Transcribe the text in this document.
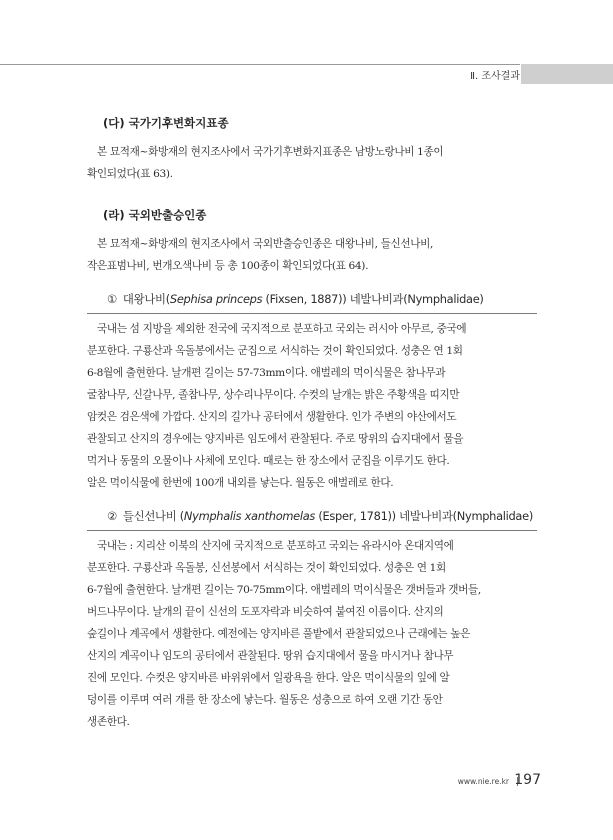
Ⅱ. 조사결과
(다) 국가기후변화지표종

본 묘적재~화방재의 현지조사에서 국가기후변화지표종은 남방노랑나비 1종이

확인되었다(표 63).

(라) 국외반출승인종

본 묘적재~화방재의 현지조사에서 국외반출승인종은 대왕나비, 들신선나비,

작은표범나비, 번개오색나비 등 총 100종이 확인되었다(표 64).

① 대왕나비(Sephisa princeps (Fixsen, 1887)) 네발나비과(Nymphalidae)

국내는 섬 지방을 제외한 전국에 국지적으로 분포하고 국외는 러시아 아무르, 중국에

분포한다. 구룡산과 옥돌봉에서는 군집으로 서식하는 것이 확인되었다. 성충은 연 1회

6-8월에 출현한다. 날개편 길이는 57-73mm이다. 애벌레의 먹이식물은 참나무과

굴참나무, 신갈나무, 졸참나무, 상수리나무이다. 수컷의 날개는 밝은 주황색을 띠지만

암컷은 검은색에 가깝다. 산지의 길가나 공터에서 생활한다. 인가 주변의 야산에서도

관찰되고 산지의 경우에는 양지바른 임도에서 관찰된다. 주로 땅위의 습지대에서 물을

먹거나 동물의 오물이나 사체에 모인다. 때로는 한 장소에서 군집을 이루기도 한다.

알은 먹이식물에 한번에 100개 내외를 낳는다. 월동은 애벌레로 한다.

② 들신선나비 (Nymphalis xanthomelas (Esper, 1781)) 네발나비과(Nymphalidae)

국내는 : 지리산 이북의 산지에 국지적으로 분포하고 국외는 유라시아 온대지역에

분포한다. 구룡산과 옥돌봉, 신선봉에서 서식하는 것이 확인되었다. 성충은 연 1회

6-7월에 출현한다. 날개편 길이는 70-75mm이다. 애벌레의 먹이식물은 갯버들과 갯버들,

버드나무이다. 날개의 끝이 신선의 도포자락과 비슷하여 붙여진 이름이다. 산지의

숲길이나 계곡에서 생활한다. 예전에는 양지바른 풀밭에서 관찰되었으나 근래에는 높은

산지의 계곡이나 임도의 공터에서 관찰된다. 땅위 습지대에서 물을 마시거나 참나무

진에 모인다. 수컷은 양지바른 바위위에서 일광욕을 한다. 알은 먹이식물의 잎에 알

덩이를 이루며 여러 개를 한 장소에 낳는다. 월동은 성충으로 하여 오랜 기간 동안

생존한다.

www.nie.re.kr 197
